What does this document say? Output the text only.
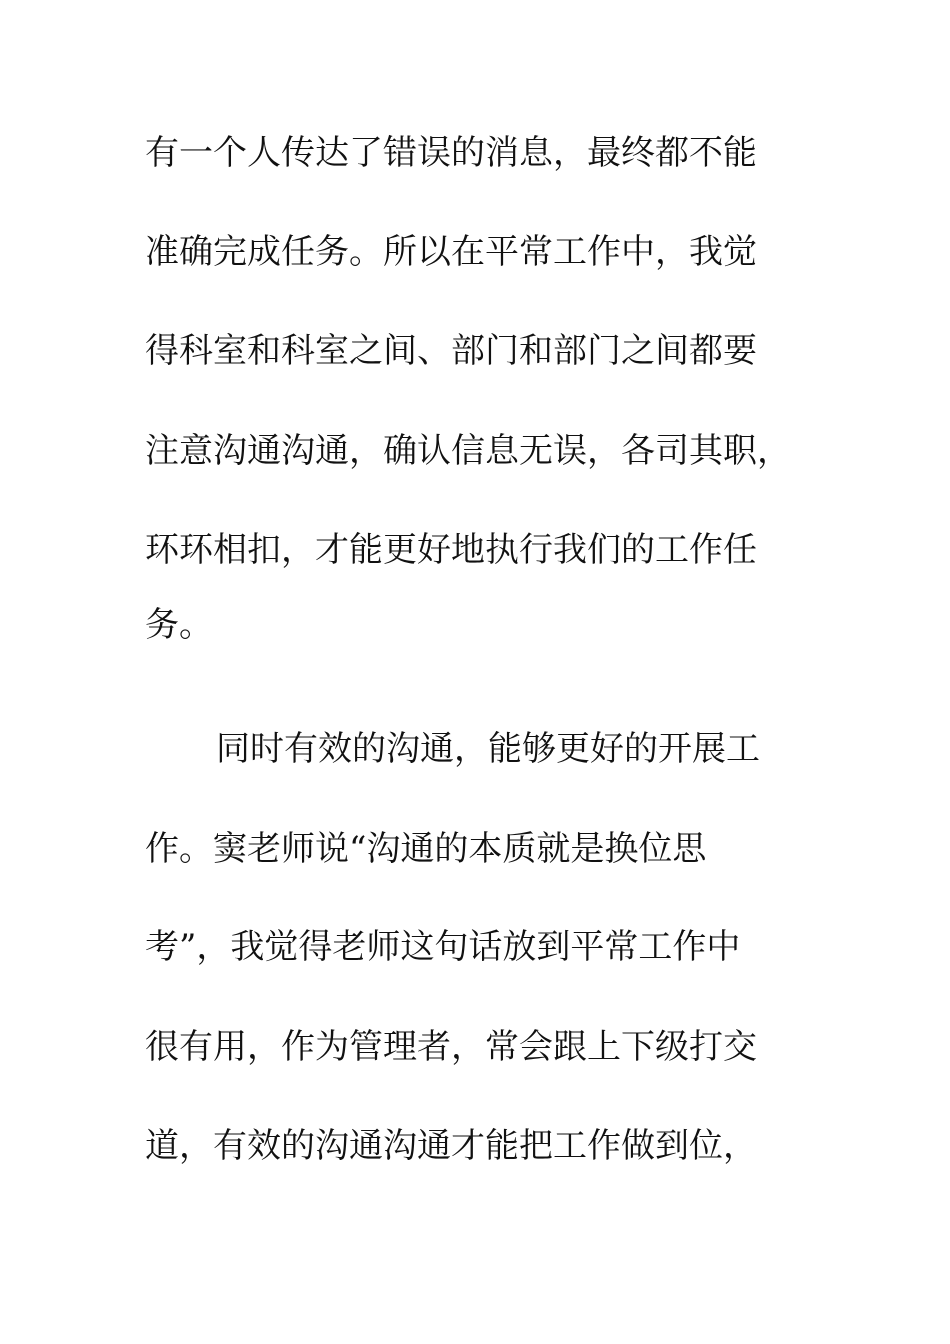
有一个人传达了错误的消息，最终都不能
准确完成任务。所以在平常工作中，我觉
得科室和科室之间、部门和部门之间都要
注意沟通沟通，确认信息无误，各司其职，
环环相扣，才能更好地执行我们的工作任
务。
同时有效的沟通，能够更好的开展工
作。窦老师说“沟通的本质就是换位思
考”，我觉得老师这句话放到平常工作中
很有用，作为管理者，常会跟上下级打交
道，有效的沟通沟通才能把工作做到位，
